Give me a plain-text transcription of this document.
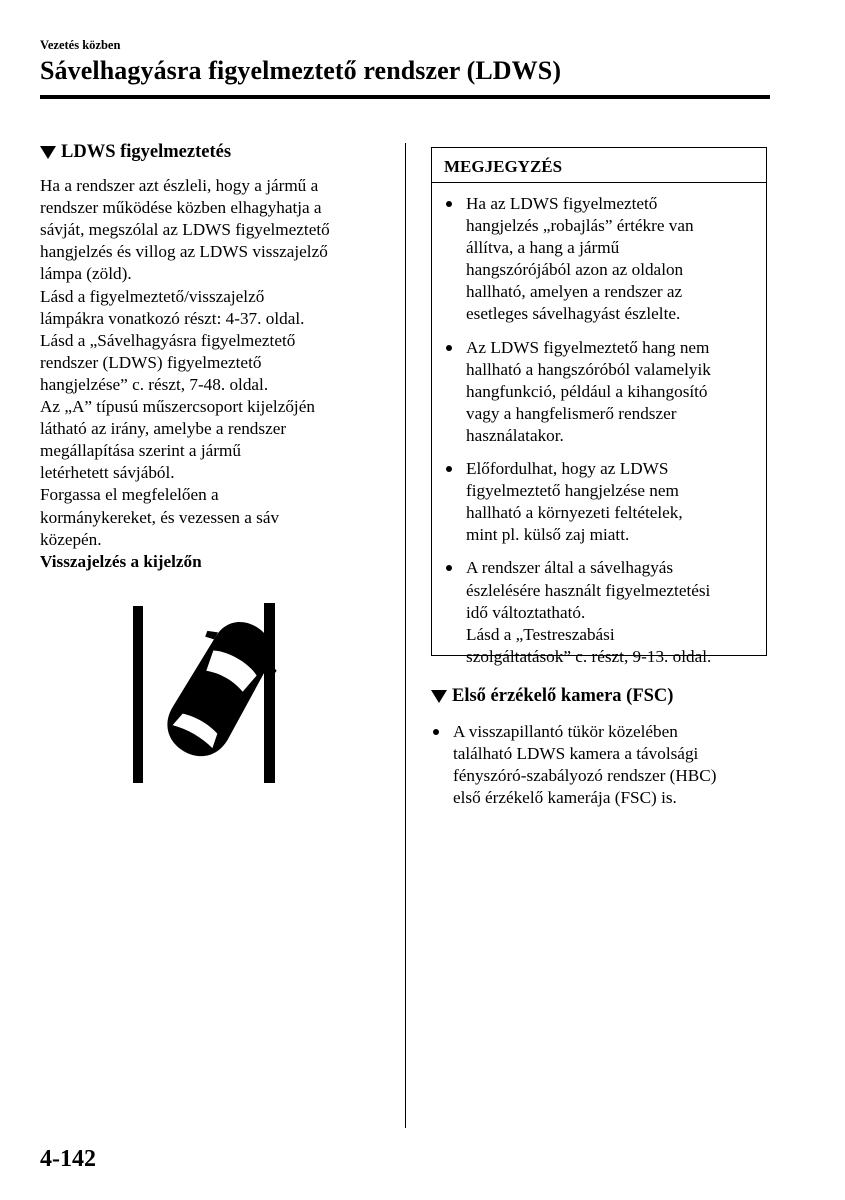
Vezetés közben
Sávelhagyásra figyelmeztető rendszer (LDWS)
LDWS figyelmeztetés
Ha a rendszer azt észleli, hogy a jármű a
rendszer működése közben elhagyhatja a
sávját, megszólal az LDWS figyelmeztető
hangjelzés és villog az LDWS visszajelző
lámpa (zöld).
Lásd a figyelmeztető/visszajelző
lámpákra vonatkozó részt: 4-37. oldal.
Lásd a „Sávelhagyásra figyelmeztető
rendszer (LDWS) figyelmeztető
hangjelzése” c. részt, 7-48. oldal.
Az „A” típusú műszercsoport kijelzőjén
látható az irány, amelybe a rendszer
megállapítása szerint a jármű
letérhetett sávjából.
Forgassa el megfelelően a
kormánykereket, és vezessen a sáv
közepén.
Visszajelzés a kijelzőn
MEGJEGYZÉS
Ha az LDWS figyelmeztető
hangjelzés „robajlás” értékre van
állítva, a hang a jármű
hangszórójából azon az oldalon
hallható, amelyen a rendszer az
esetleges sávelhagyást észlelte.
Az LDWS figyelmeztető hang nem
hallható a hangszóróból valamelyik
hangfunkció, például a kihangosító
vagy a hangfelismerő rendszer
használatakor.
Előfordulhat, hogy az LDWS
figyelmeztető hangjelzése nem
hallható a környezeti feltételek,
mint pl. külső zaj miatt.
A rendszer által a sávelhagyás
észlelésére használt figyelmeztetési
idő változtatható.
Lásd a „Testreszabási
szolgáltatások” c. részt, 9-13. oldal.
Első érzékelő kamera (FSC)
A visszapillantó tükör közelében
található LDWS kamera a távolsági
fényszóró-szabályozó rendszer (HBC)
első érzékelő kamerája (FSC) is.
4-142
